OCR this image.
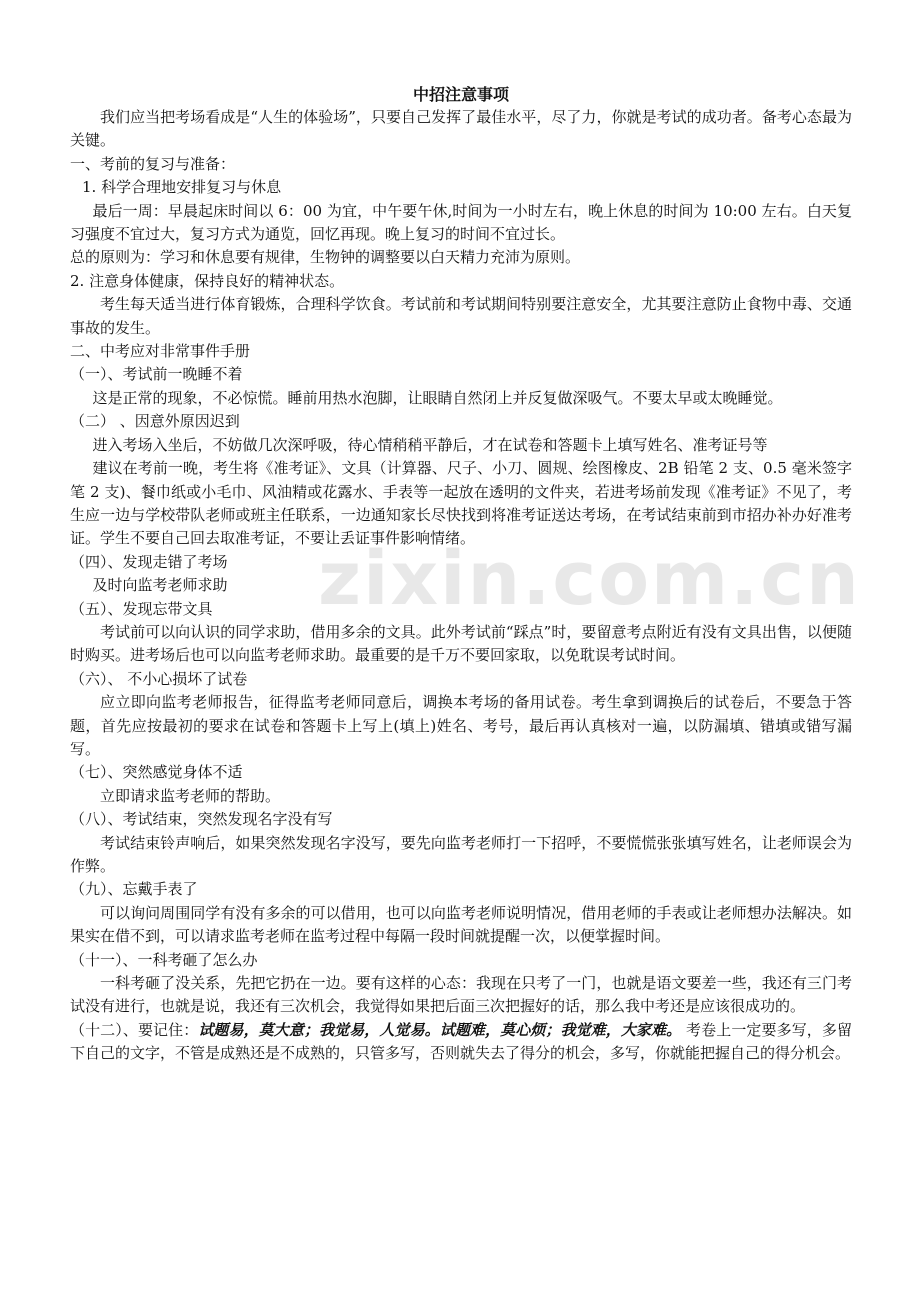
zixin.com.cn
中招注意事项

我们应当把考场看成是“人生的体验场”，只要自己发挥了最佳水平，尽了力，你就是考试的成功者。备考心态最为关键。

一、考前的复习与准备：

1. 科学合理地安排复习与休息

最后一周：早晨起床时间以 6：00 为宜，中午要午休,时间为一小时左右，晚上休息的时间为 10:00 左右。白天复习强度不宜过大，复习方式为通览，回忆再现。晚上复习的时间不宜过长。

总的原则为：学习和休息要有规律，生物钟的调整要以白天精力充沛为原则。

2. 注意身体健康，保持良好的精神状态。

考生每天适当进行体育锻炼，合理科学饮食。考试前和考试期间特别要注意安全，尤其要注意防止食物中毒、交通事故的发生。

二、中考应对非常事件手册

（一）、考试前一晚睡不着

这是正常的现象，不必惊慌。睡前用热水泡脚，让眼睛自然闭上并反复做深吸气。不要太早或太晚睡觉。

（二） 、因意外原因迟到

进入考场入坐后，不妨做几次深呼吸，待心情稍稍平静后，才在试卷和答题卡上填写姓名、准考证号等

建议在考前一晚，考生将《准考证》、文具（计算器、尺子、小刀、圆规、绘图橡皮、2B 铅笔 2 支、0.5 毫米签字笔 2 支)、餐巾纸或小毛巾、风油精或花露水、手表等一起放在透明的文件夹，若进考场前发现《准考证》不见了，考生应一边与学校带队老师或班主任联系，一边通知家长尽快找到将准考证送达考场，在考试结束前到市招办补办好准考证。学生不要自己回去取准考证，不要让丢证事件影响情绪。

（四）、发现走错了考场

及时向监考老师求助

（五）、发现忘带文具

考试前可以向认识的同学求助，借用多余的文具。此外考试前“踩点”时，要留意考点附近有没有文具出售，以便随时购买。进考场后也可以向监考老师求助。最重要的是千万不要回家取，以免耽误考试时间。

（六）、 不小心损坏了试卷

应立即向监考老师报告，征得监考老师同意后，调换本考场的备用试卷。考生拿到调换后的试卷后，不要急于答题，首先应按最初的要求在试卷和答题卡上写上(填上)姓名、考号，最后再认真核对一遍，以防漏填、错填或错写漏写。

（七）、突然感觉身体不适

立即请求监考老师的帮助。

（八）、考试结束，突然发现名字没有写

考试结束铃声响后，如果突然发现名字没写，要先向监考老师打一下招呼，不要慌慌张张填写姓名，让老师误会为作弊。

（九）、忘戴手表了

可以询问周围同学有没有多余的可以借用，也可以向监考老师说明情况，借用老师的手表或让老师想办法解决。如果实在借不到，可以请求监考老师在监考过程中每隔一段时间就提醒一次，以便掌握时间。

（十一）、一科考砸了怎么办

一科考砸了没关系，先把它扔在一边。要有这样的心态：我现在只考了一门，也就是语文要差一些，我还有三门考试没有进行，也就是说，我还有三次机会，我觉得如果把后面三次把握好的话，那么我中考还是应该很成功的。

（十二）、要记住：试题易，莫大意；我觉易，人觉易。试题难，莫心烦；我觉难，大家难。 考卷上一定要多写，多留下自己的文字，不管是成熟还是不成熟的，只管多写，否则就失去了得分的机会，多写，你就能把握自己的得分机会。
